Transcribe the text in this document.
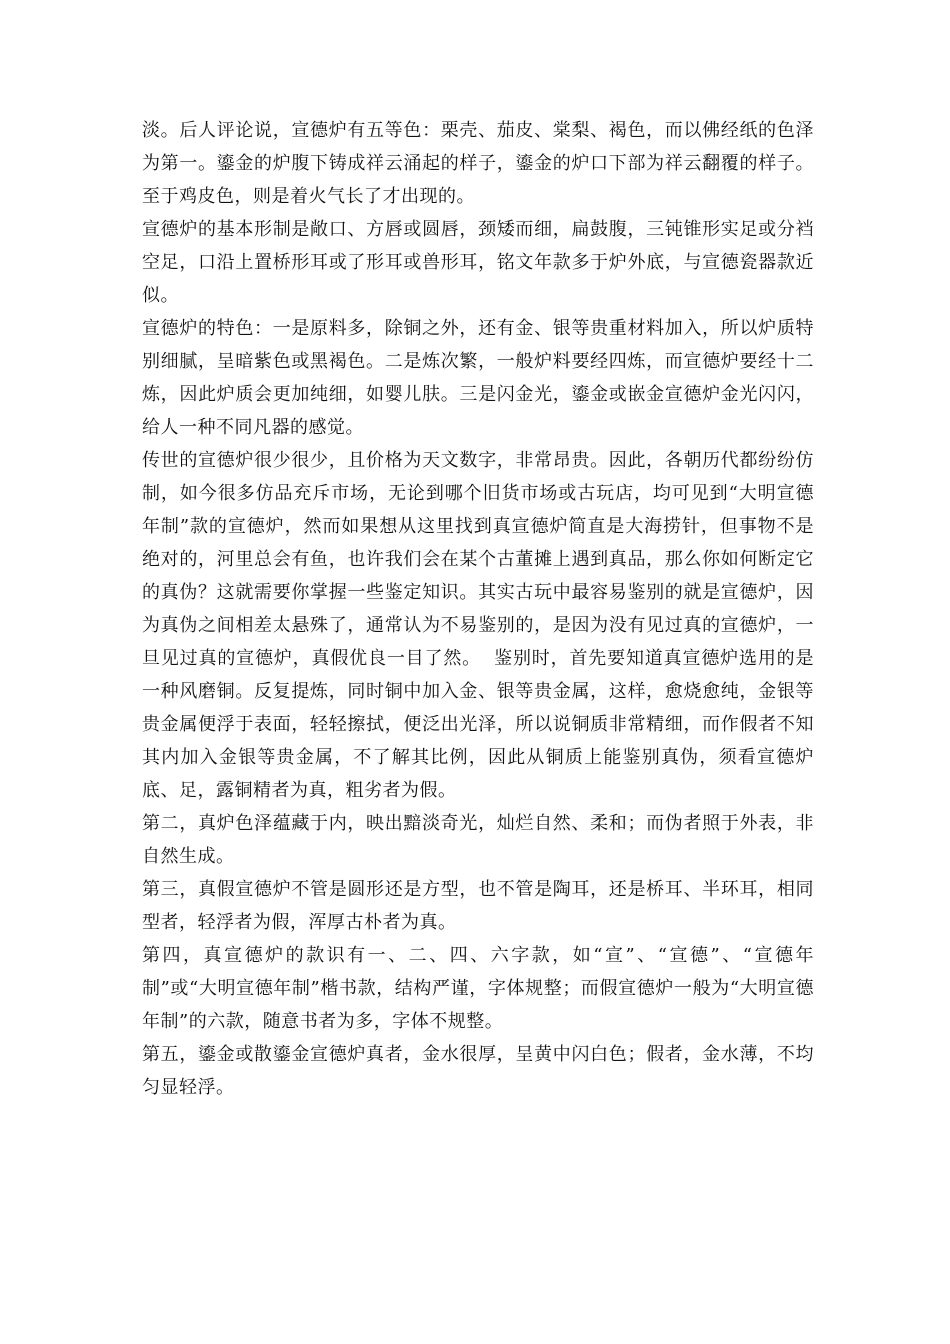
淡。后人评论说，宣德炉有五等色：栗壳、茄皮、棠梨、褐色，而以佛经纸的色泽为第一。鎏金的炉腹下铸成祥云涌起的样子，鎏金的炉口下部为祥云翻覆的样子。至于鸡皮色，则是着火气长了才出现的。

宣德炉的基本形制是敞口、方唇或圆唇，颈矮而细，扁鼓腹，三钝锥形实足或分裆空足，口沿上置桥形耳或了形耳或兽形耳，铭文年款多于炉外底，与宣德瓷器款近似。

宣德炉的特色：一是原料多，除铜之外，还有金、银等贵重材料加入，所以炉质特别细腻，呈暗紫色或黑褐色。二是炼次繁，一般炉料要经四炼，而宣德炉要经十二炼，因此炉质会更加纯细，如婴儿肤。三是闪金光，鎏金或嵌金宣德炉金光闪闪，给人一种不同凡器的感觉。

传世的宣德炉很少很少，且价格为天文数字，非常昂贵。因此，各朝历代都纷纷仿制，如今很多仿品充斥市场，无论到哪个旧货市场或古玩店，均可见到“大明宣德年制”款的宣德炉，然而如果想从这里找到真宣德炉简直是大海捞针，但事物不是绝对的，河里总会有鱼，也许我们会在某个古董摊上遇到真品，那么你如何断定它的真伪？这就需要你掌握一些鉴定知识。其实古玩中最容易鉴别的就是宣德炉，因为真伪之间相差太悬殊了，通常认为不易鉴别的，是因为没有见过真的宣德炉，一旦见过真的宣德炉，真假优良一目了然。  鉴别时，首先要知道真宣德炉选用的是一种风磨铜。反复提炼，同时铜中加入金、银等贵金属，这样，愈烧愈纯，金银等贵金属便浮于表面，轻轻擦拭，便泛出光泽，所以说铜质非常精细，而作假者不知其内加入金银等贵金属，不了解其比例，因此从铜质上能鉴别真伪，须看宣德炉底、足，露铜精者为真，粗劣者为假。

第二，真炉色泽蕴藏于内，映出黯淡奇光，灿烂自然、柔和；而伪者照于外表，非自然生成。

第三，真假宣德炉不管是圆形还是方型，也不管是陶耳，还是桥耳、半环耳，相同型者，轻浮者为假，浑厚古朴者为真。

第四，真宣德炉的款识有一、二、四、六字款，如“宣”、“宣德”、“宣德年制”或“大明宣德年制”楷书款，结构严谨，字体规整；而假宣德炉一般为“大明宣德年制”的六款，随意书者为多，字体不规整。

第五，鎏金或散鎏金宣德炉真者，金水很厚，呈黄中闪白色；假者，金水薄，不均匀显轻浮。
